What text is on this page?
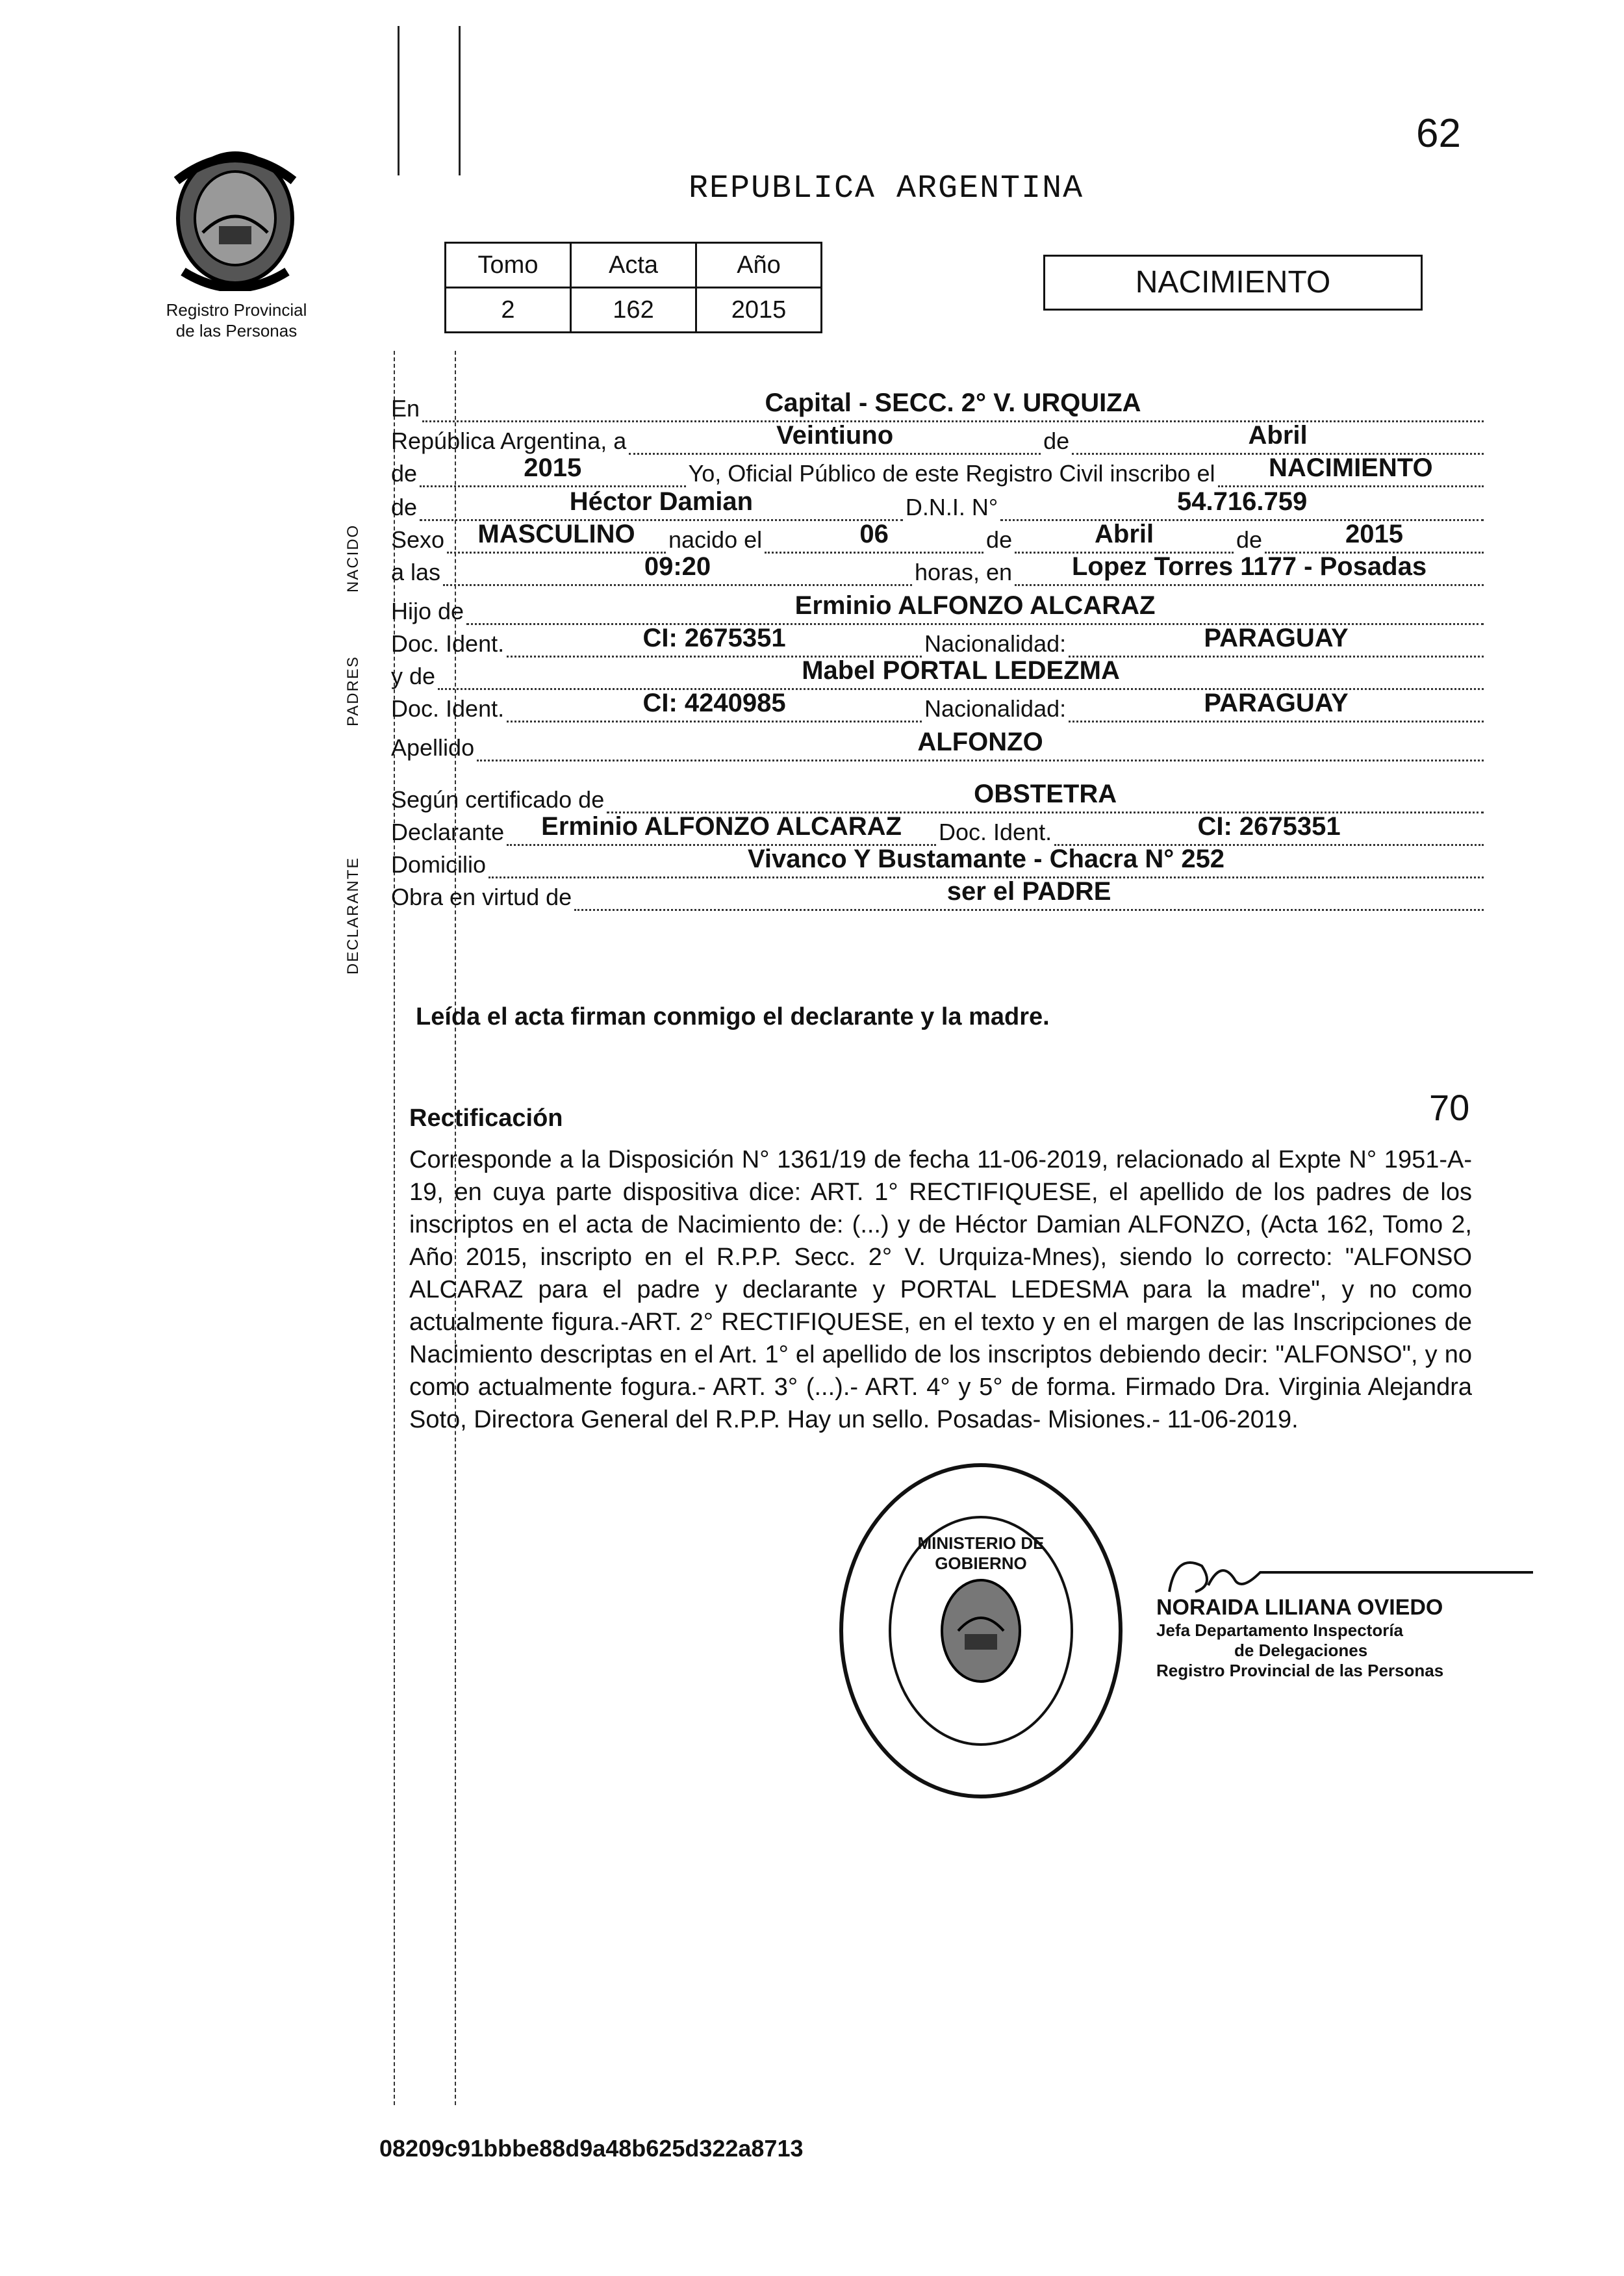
62
Registro Provincial
de las Personas
REPUBLICA ARGENTINA
Tomo	Acta	Año
2	162	2015
NACIMIENTO
NACIDO
PADRES
DECLARANTE
En	Capital - SECC. 2° V. URQUIZA
República Argentina, a	Veintiuno	de	Abril
de	2015	Yo, Oficial Público de este Registro Civil inscribo el	NACIMIENTO
de	Héctor Damian	D.N.I. N°	54.716.759
Sexo	MASCULINO	nacido el	06	de	Abril	de	2015
a las	09:20	horas, en	Lopez Torres 1177 - Posadas
Hijo de	Erminio ALFONZO ALCARAZ
Doc. Ident.	CI: 2675351	Nacionalidad:	PARAGUAY
y de	Mabel PORTAL LEDEZMA
Doc. Ident.	CI: 4240985	Nacionalidad:	PARAGUAY
Apellido	ALFONZO
Según certificado de	OBSTETRA
Declarante	Erminio ALFONZO ALCARAZ	Doc. Ident.	CI: 2675351
Domicilio	Vivanco Y Bustamante - Chacra N° 252
Obra en virtud de	ser el PADRE
Leída el acta firman conmigo el declarante y la madre.
Rectificación	70
Corresponde a la Disposición N° 1361/19 de fecha 11-06-2019, relacionado al Expte N° 1951-A-19, en cuya parte dispositiva dice: ART. 1° RECTIFIQUESE, el apellido de los padres de los inscriptos en el acta de Nacimiento de: (...) y de Héctor Damian ALFONZO, (Acta 162, Tomo 2, Año 2015, inscripto en el R.P.P. Secc. 2° V. Urquiza-Mnes), siendo lo correcto: "ALFONSO ALCARAZ para el padre y declarante y PORTAL LEDESMA para la madre", y no como actualmente figura.-ART. 2° RECTIFIQUESE, en el texto y en el margen de las Inscripciones de Nacimiento descriptas en el Art. 1° el apellido de los inscriptos debiendo decir: "ALFONSO", y no como actualmente fogura.- ART. 3° (...).- ART. 4° y 5° de forma. Firmado Dra. Virginia Alejandra Soto, Directora General del R.P.P. Hay un sello. Posadas- Misiones.- 11-06-2019.
MINISTERIO DE GOBIERNO
NORAIDA LILIANA OVIEDO
Jefa Departamento Inspectoría
de Delegaciones
Registro Provincial de las Personas
08209c91bbbe88d9a48b625d322a8713
